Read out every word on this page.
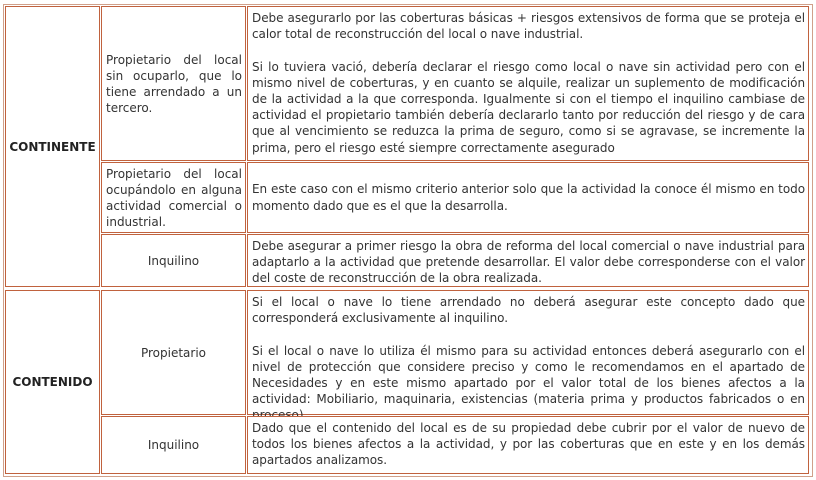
CONTINENTE
Propietario del local sin ocuparlo, que lo tiene arrendado a un tercero.

Debe asegurarlo por las coberturas básicas + riesgos extensivos de forma que se proteja el calor total de reconstrucción del local o nave industrial.

Si lo tuviera vació, debería declarar el riesgo como local o nave sin actividad pero con el mismo nivel de coberturas, y en cuanto se alquile, realizar un suplemento de modificación de la actividad a la que corresponda. Igualmente si con el tiempo el inquilino cambiase de actividad el propietario también debería declararlo tanto por reducción del riesgo y de cara que al vencimiento se reduzca la prima de seguro, como si se agravase, se incremente la prima, pero el riesgo esté siempre correctamente asegurado

Propietario del local ocupándolo en alguna actividad comercial o industrial.

En este caso con el mismo criterio anterior solo que la actividad la conoce él mismo en todo momento dado que es el que la desarrolla.

Inquilino

Debe asegurar a primer riesgo la obra de reforma del local comercial o nave industrial para adaptarlo a la actividad que pretende desarrollar. El valor debe corresponderse con el valor del coste de reconstrucción de la obra realizada.

CONTENIDO
Propietario

Si el local o nave lo tiene arrendado no deberá asegurar este concepto dado que corresponderá exclusivamente al inquilino.

Si el local o nave lo utiliza él mismo para su actividad entonces deberá asegurarlo con el nivel de protección que considere preciso y como le recomendamos en el apartado de Necesidades y en este mismo apartado por el valor total de los bienes afectos a la actividad: Mobiliario, maquinaria, existencias (materia prima y productos fabricados o en

Inquilino

Dado que el contenido del local es de su propiedad debe cubrir por el valor de nuevo de todos los bienes afectos a la actividad, y por las coberturas que en este y en los demás apartados analizamos.
